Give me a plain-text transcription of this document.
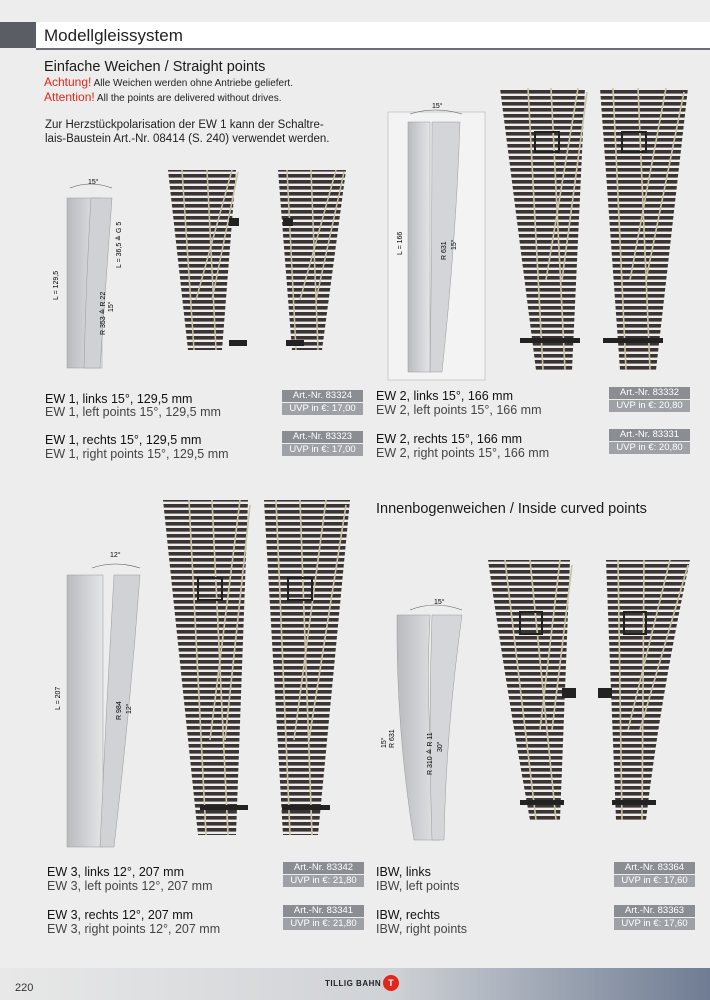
Modellgleissystem
Einfache Weichen / Straight points
Achtung! Alle Weichen werden ohne Antriebe geliefert.
Attention! All the points are delivered without drives.
Zur Herzstückpolarisation der EW 1 kann der Schaltre-
lais-Baustein Art.-Nr. 08414 (S. 240) verwendet werden.
Innenbogenweichen / Inside curved points
15°
L = 129,5
R 353 ≙ R 22
L = 36,5 ≙ G 5
15°
15°
L = 166	R 631 15°
12°
L = 207
R 984 12°
15°
15° R 631	R 310 ≙ R 11 30°
EW 1, links 15°, 129,5 mm
EW 1, left points 15°, 129,5 mm
Art.-Nr. 83324
UVP in €: 17,00
EW 1, rechts 15°, 129,5 mm
EW 1, right points 15°, 129,5 mm
Art.-Nr. 83323
UVP in €: 17,00
EW 2, links 15°, 166 mm
EW 2, left points 15°, 166 mm
Art.-Nr. 83332
UVP in €: 20,80
EW 2, rechts 15°, 166 mm
EW 2, right points 15°, 166 mm
Art.-Nr. 83331
UVP in €: 20,80
EW 3, links 12°, 207 mm
EW 3, left points 12°, 207 mm
Art.-Nr. 83342
UVP in €: 21,80
EW 3, rechts 12°, 207 mm
EW 3, right points 12°, 207 mm
Art.-Nr. 83341
UVP in €: 21,80
IBW, links
IBW, left points
Art.-Nr. 83364
UVP in €: 17,60
IBW, rechts
IBW, right points
Art.-Nr. 83363
UVP in €: 17,60
220	TILLIG BAHN T
